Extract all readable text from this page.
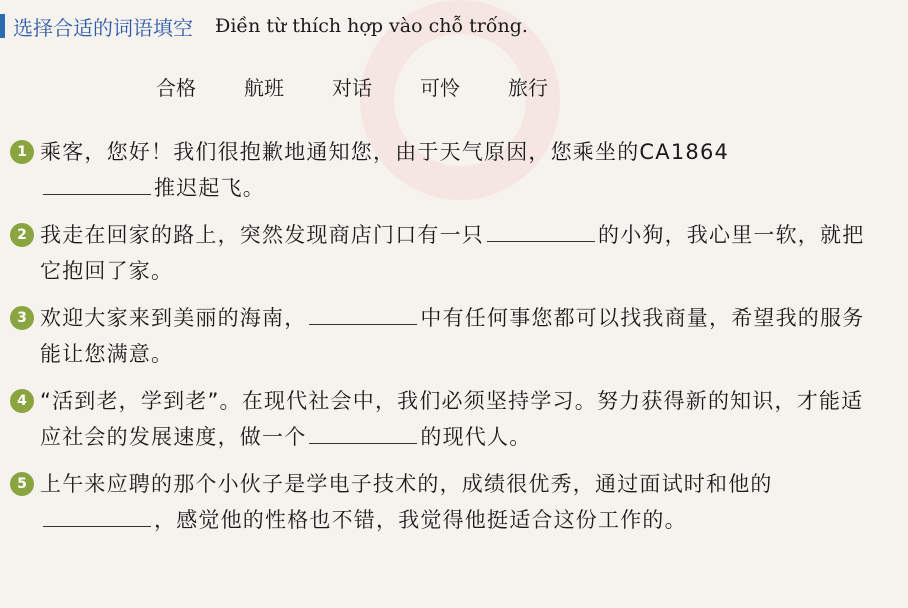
选择合适的词语填空 Điền từ thích hợp vào chỗ trống.
合格 航班 对话 可怜 旅行
1 乘客，您好！我们很抱歉地通知您，由于天气原因，您乘坐的CA1864
推迟起飞。
2 我走在回家的路上，突然发现商店门口有一只	的小狗，我心里一软，就把它抱回了家。
3 欢迎大家来到美丽的海南，	中有任何事您都可以找我商量，希望我的服务能让您满意。
4 “活到老，学到老”。在现代社会中，我们必须坚持学习。努力获得新的知识，才能适应社会的发展速度，做一个	的现代人。
5 上午来应聘的那个小伙子是学电子技术的，成绩很优秀，通过面试时和他的，感觉他的性格也不错，我觉得他挺适合这份工作的。
